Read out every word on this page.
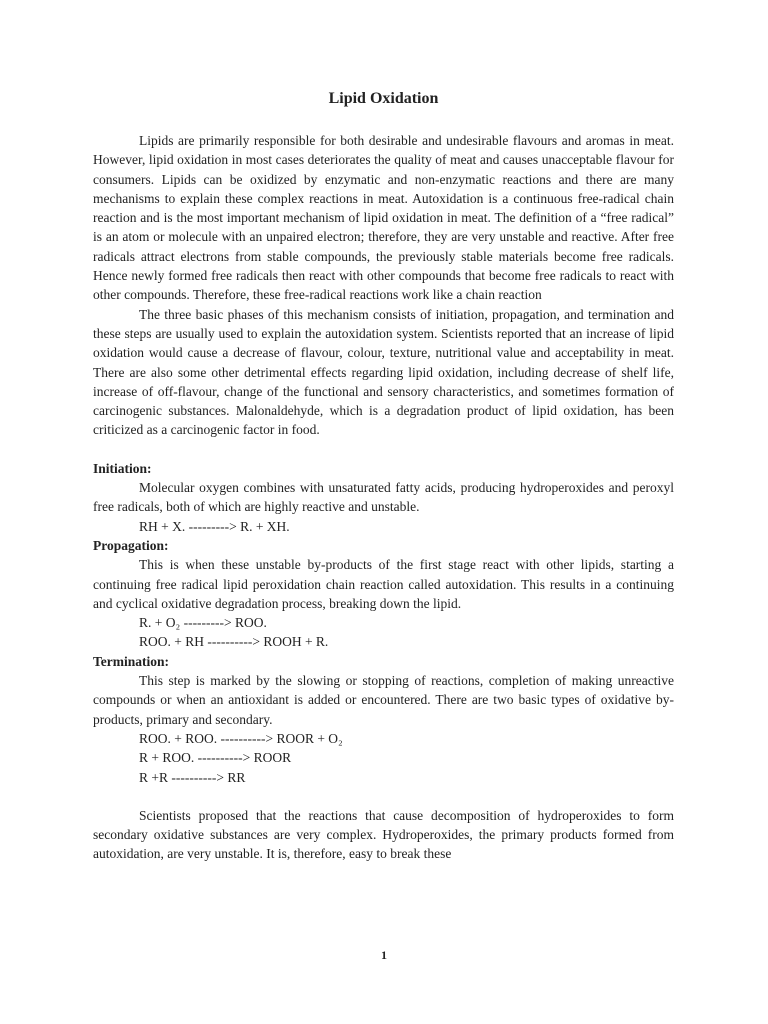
Lipid Oxidation

Lipids are primarily responsible for both desirable and undesirable flavours and aromas in meat. However, lipid oxidation in most cases deteriorates the quality of meat and causes unacceptable flavour for consumers. Lipids can be oxidized by enzymatic and non-enzymatic reactions and there are many mechanisms to explain these complex reactions in meat. Autoxidation is a continuous free-radical chain reaction and is the most important mechanism of lipid oxidation in meat. The definition of a “free radical” is an atom or molecule with an unpaired electron; therefore, they are very unstable and reactive. After free radicals attract electrons from stable compounds, the previously stable materials become free radicals. Hence newly formed free radicals then react with other compounds that become free radicals to react with other compounds. Therefore, these free-radical reactions work like a chain reaction

The three basic phases of this mechanism consists of initiation, propagation, and termination and these steps are usually used to explain the autoxidation system. Scientists reported that an increase of lipid oxidation would cause a decrease of flavour, colour, texture, nutritional value and acceptability in meat. There are also some other detrimental effects regarding lipid oxidation, including decrease of shelf life, increase of off-flavour, change of the functional and sensory characteristics, and sometimes formation of carcinogenic substances. Malonaldehyde, which is a degradation product of lipid oxidation, has been criticized as a carcinogenic factor in food.

Initiation:

Molecular oxygen combines with unsaturated fatty acids, producing hydroperoxides and peroxyl free radicals, both of which are highly reactive and unstable.

RH + X. ---------> R. + XH.

Propagation:

This is when these unstable by-products of the first stage react with other lipids, starting a continuing free radical lipid peroxidation chain reaction called autoxidation. This results in a continuing and cyclical oxidative degradation process, breaking down the lipid.

R. + O₂ ---------> ROO.

ROO. + RH ----------> ROOH + R.

Termination:

This step is marked by the slowing or stopping of reactions, completion of making unreactive compounds or when an antioxidant is added or encountered. There are two basic types of oxidative by-products, primary and secondary.

ROO. + ROO. ----------> ROOR + O₂

R + ROO. ----------> ROOR

R +R ----------> RR

Scientists proposed that the reactions that cause decomposition of hydroperoxides to form secondary oxidative substances are very complex. Hydroperoxides, the primary products formed from autoxidation, are very unstable. It is, therefore, easy to break these

1
